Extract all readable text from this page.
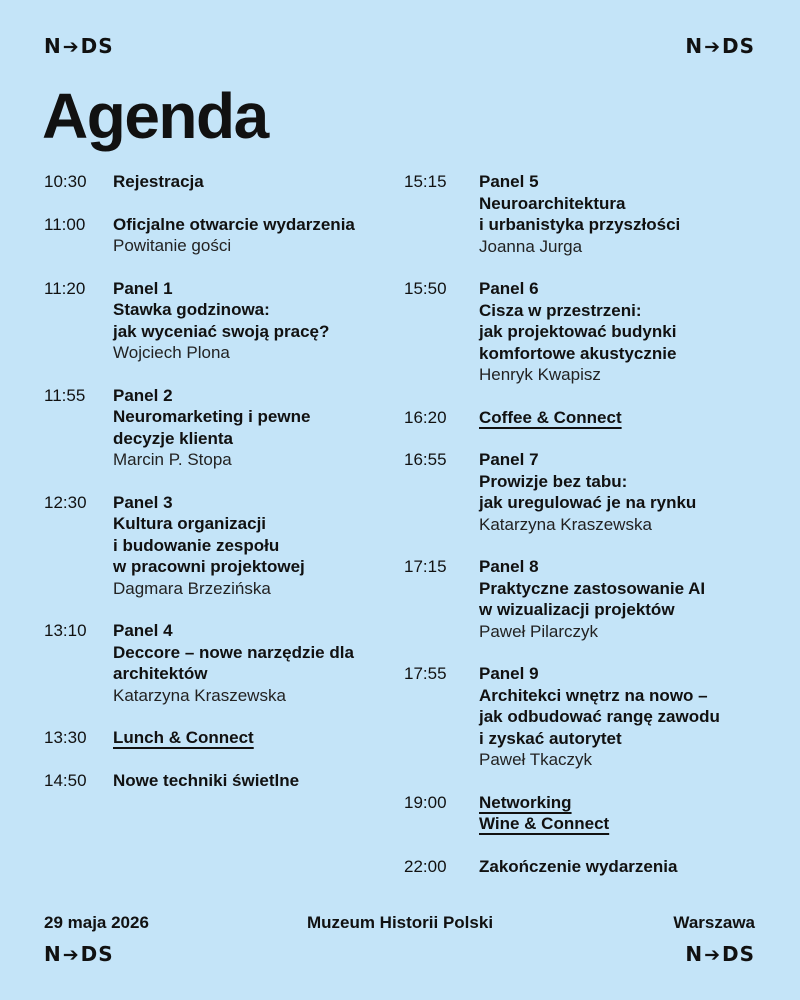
N➔DS	N➔DS
Agenda
10:30	Rejestracja
11:00	Oficjalne otwarcie wydarzenia
Powitanie gości
11:20	Panel 1
Stawka godzinowa:
jak wyceniać swoją pracę?
Wojciech Plona
11:55	Panel 2
Neuromarketing i pewne
decyzje klienta
Marcin P. Stopa
12:30	Panel 3
Kultura organizacji
i budowanie zespołu
w pracowni projektowej
Dagmara Brzezińska
13:10	Panel 4
Deccore – nowe narzędzie dla
architektów
Katarzyna Kraszewska
13:30	Lunch & Connect
14:50	Nowe techniki świetlne
15:15	Panel 5
Neuroarchitektura
i urbanistyka przyszłości
Joanna Jurga
15:50	Panel 6
Cisza w przestrzeni:
jak projektować budynki
komfortowe akustycznie
Henryk Kwapisz
16:20	Coffee & Connect
16:55	Panel 7
Prowizje bez tabu:
jak uregulować je na rynku
Katarzyna Kraszewska
17:15	Panel 8
Praktyczne zastosowanie AI
w wizualizacji projektów
Paweł Pilarczyk
17:55	Panel 9
Architekci wnętrz na nowo –
jak odbudować rangę zawodu
i zyskać autorytet
Paweł Tkaczyk
19:00	Networking
Wine & Connect
22:00	Zakończenie wydarzenia
29 maja 2026	Muzeum Historii Polski	Warszawa
N➔DS	N➔DS
